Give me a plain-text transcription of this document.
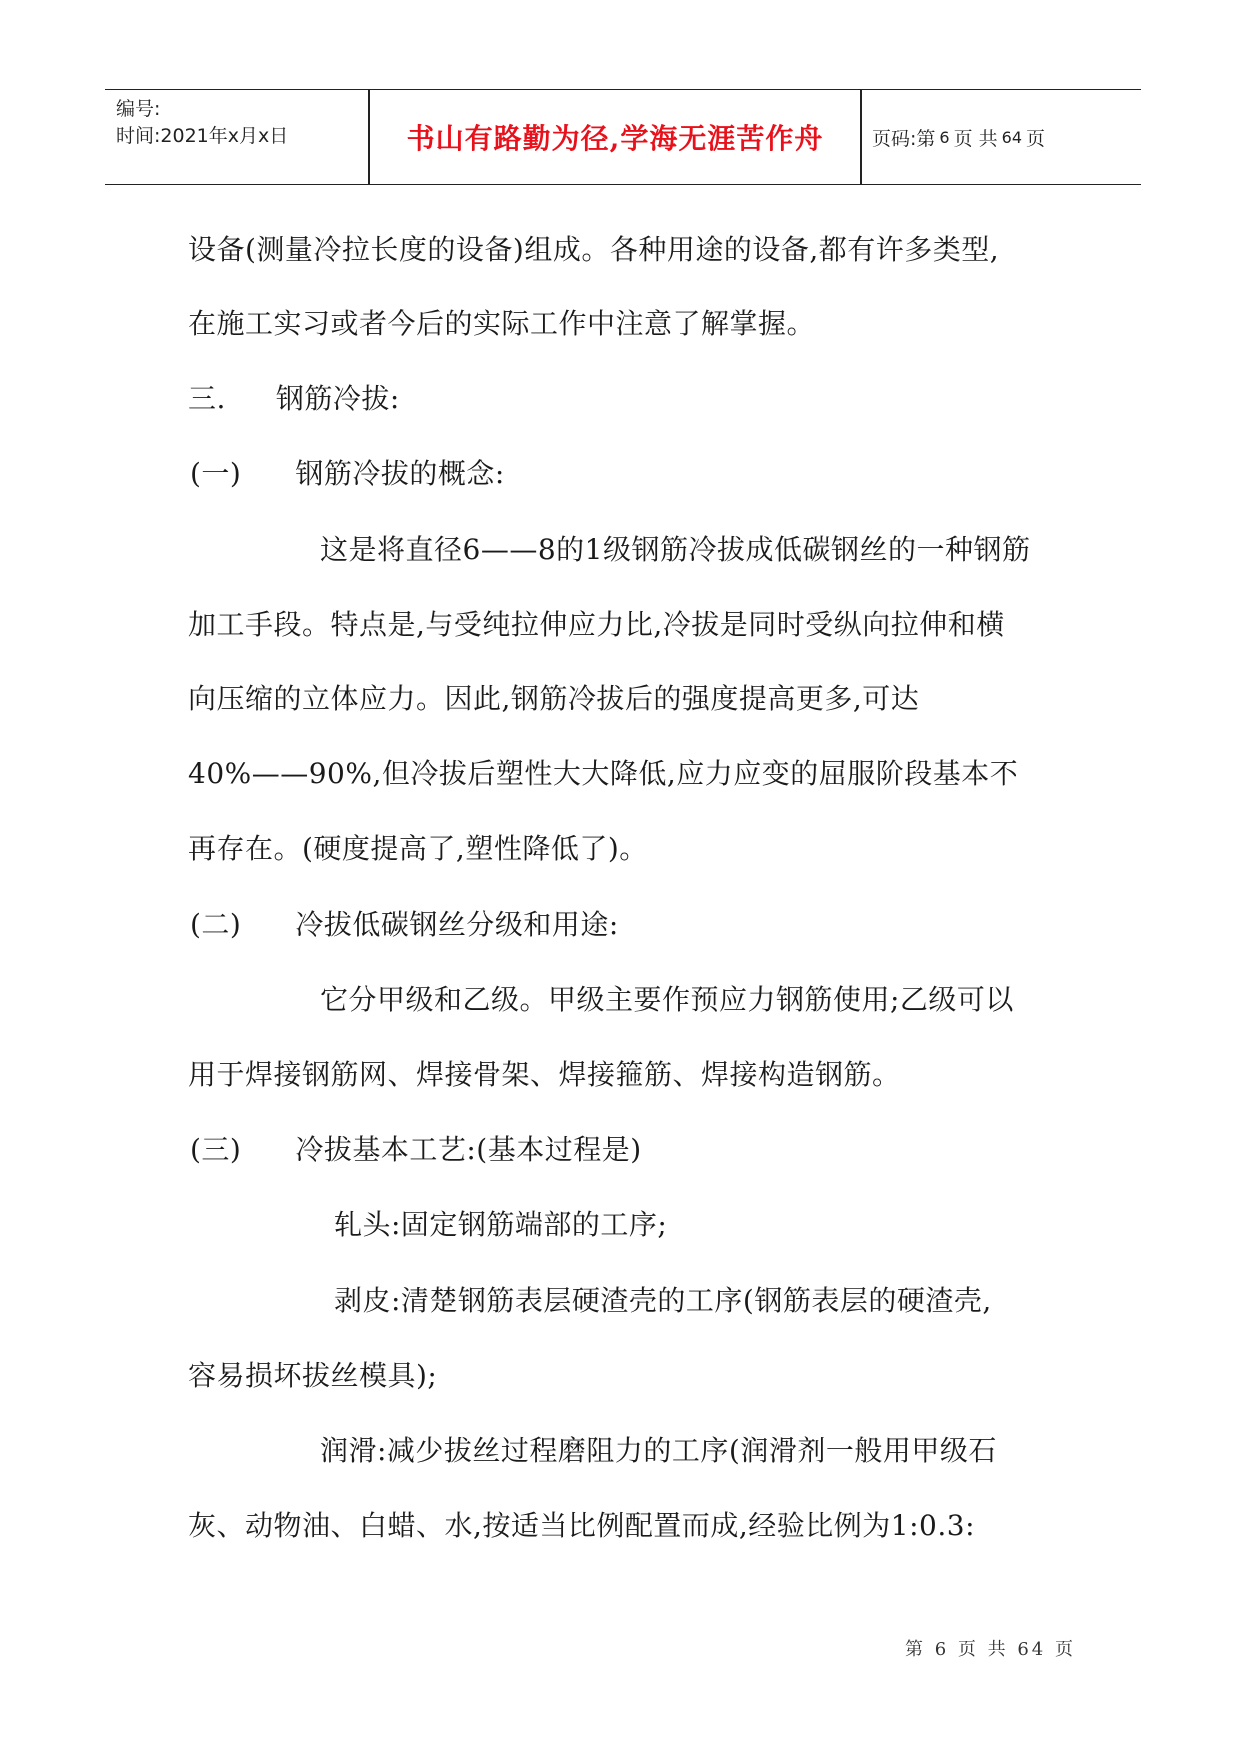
编号:
时间:2021年x月x日	书山有路勤为径,学海无涯苦作舟	页码:第 6 页 共 64 页
设备(测量冷拉长度的设备)组成。各种用途的设备,都有许多类型,
在施工实习或者今后的实际工作中注意了解掌握。
三. 钢筋冷拔:
(一) 钢筋冷拔的概念:
这是将直径6——8的1级钢筋冷拔成低碳钢丝的一种钢筋
加工手段。特点是,与受纯拉伸应力比,冷拔是同时受纵向拉伸和横
向压缩的立体应力。因此,钢筋冷拔后的强度提高更多,可达
40%——90%,但冷拔后塑性大大降低,应力应变的屈服阶段基本不
再存在。(硬度提高了,塑性降低了)。
(二) 冷拔低碳钢丝分级和用途:
它分甲级和乙级。甲级主要作预应力钢筋使用;乙级可以
用于焊接钢筋网、焊接骨架、焊接箍筋、焊接构造钢筋。
(三) 冷拔基本工艺:(基本过程是)
轧头:固定钢筋端部的工序;
剥皮:清楚钢筋表层硬渣壳的工序(钢筋表层的硬渣壳,
容易损坏拔丝模具);
润滑:减少拔丝过程磨阻力的工序(润滑剂一般用甲级石
灰、动物油、白蜡、水,按适当比例配置而成,经验比例为1:0.3:
第 6 页 共 64 页
